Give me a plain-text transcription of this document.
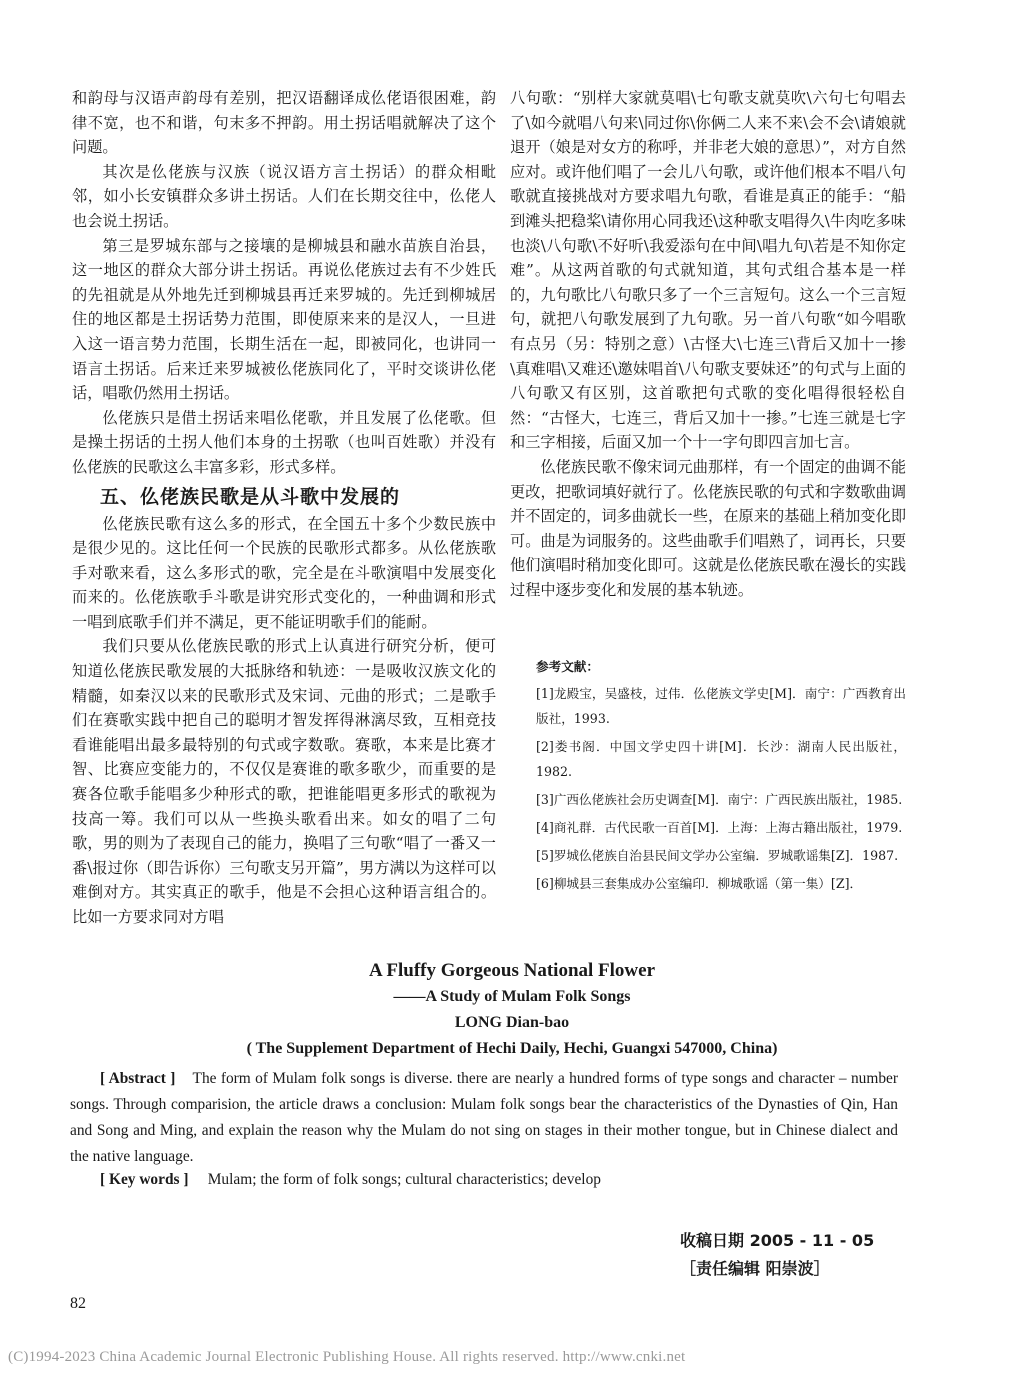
和韵母与汉语声韵母有差别，把汉语翻译成仫佬语很困难，韵律不宽，也不和谐，句末多不押韵。用土拐话唱就解决了这个问题。

其次是仫佬族与汉族（说汉语方言土拐话）的群众相毗邻，如小长安镇群众多讲土拐话。人们在长期交往中，仫佬人也会说土拐话。

第三是罗城东部与之接壤的是柳城县和融水苗族自治县，这一地区的群众大部分讲土拐话。再说仫佬族过去有不少姓氏的先祖就是从外地先迁到柳城县再迁来罗城的。先迁到柳城居住的地区都是土拐话势力范围，即使原来来的是汉人，一旦进入这一语言势力范围，长期生活在一起，即被同化，也讲同一语言土拐话。后来迁来罗城被仫佬族同化了，平时交谈讲仫佬话，唱歌仍然用土拐话。

仫佬族只是借土拐话来唱仫佬歌，并且发展了仫佬歌。但是操土拐话的土拐人他们本身的土拐歌（也叫百姓歌）并没有仫佬族的民歌这么丰富多彩，形式多样。

五、仫佬族民歌是从斗歌中发展的

仫佬族民歌有这么多的形式，在全国五十多个少数民族中是很少见的。这比任何一个民族的民歌形式都多。从仫佬族歌手对歌来看，这么多形式的歌，完全是在斗歌演唱中发展变化而来的。仫佬族歌手斗歌是讲究形式变化的，一种曲调和形式一唱到底歌手们并不满足，更不能证明歌手们的能耐。

我们只要从仫佬族民歌的形式上认真进行研究分析，便可知道仫佬族民歌发展的大抵脉络和轨迹：一是吸收汉族文化的精髓，如秦汉以来的民歌形式及宋词、元曲的形式；二是歌手们在赛歌实践中把自己的聪明才智发挥得淋漓尽致，互相竞技看谁能唱出最多最特别的句式或字数歌。赛歌，本来是比赛才智、比赛应变能力的，不仅仅是赛谁的歌多歌少，而重要的是赛各位歌手能唱多少种形式的歌，把谁能唱更多形式的歌视为技高一筹。我们可以从一些换头歌看出来。如女的唱了二句歌，男的则为了表现自己的能力，换唱了三句歌“唱了一番又一番\报过你（即告诉你）三句歌支另开篇”，男方满以为这样可以难倒对方。其实真正的歌手，他是不会担心这种语言组合的。比如一方要求同对方唱

八句歌：“别样大家就莫唱\七句歌支就莫吹\六句七句唱去了\如今就唱八句来\同过你\你俩二人来不来\会不会\请娘就退开（娘是对女方的称呼，并非老大娘的意思）”，对方自然应对。或许他们唱了一会儿八句歌，或许他们根本不唱八句歌就直接挑战对方要求唱九句歌，看谁是真正的能手：“船到滩头把稳桨\请你用心同我还\这种歌支唱得久\牛肉吃多味也淡\八句歌\不好听\我爱添句在中间\唱九句\若是不知你定难”。从这两首歌的句式就知道，其句式组合基本是一样的，九句歌比八句歌只多了一个三言短句。这么一个三言短句，就把八句歌发展到了九句歌。另一首八句歌“如今唱歌有点另（另：特别之意）\古怪大\七连三\背后又加十一掺\真难唱\又难还\邀妹唱首\八句歌支要妹还”的句式与上面的八句歌又有区别，这首歌把句式歌的变化唱得很轻松自然：“古怪大，七连三，背后又加十一掺。”七连三就是七字和三字相接，后面又加一个十一字句即四言加七言。

仫佬族民歌不像宋词元曲那样，有一个固定的曲调不能更改，把歌词填好就行了。仫佬族民歌的句式和字数歌曲调并不固定的，词多曲就长一些，在原来的基础上稍加变化即可。曲是为词服务的。这些曲歌手们唱熟了，词再长，只要他们演唱时稍加变化即可。这就是仫佬族民歌在漫长的实践过程中逐步变化和发展的基本轨迹。

参考文献：
[1]龙殿宝，吴盛枝，过伟．仫佬族文学史[M]．南宁：广西教育出版社，1993.
[2]娄书阁．中国文学史四十讲[M]．长沙：湖南人民出版社，1982.
[3]广西仫佬族社会历史调查[M]．南宁：广西民族出版社，1985.
[4]商礼群．古代民歌一百首[M]．上海：上海古籍出版社，1979.
[5]罗城仫佬族自治县民间文学办公室编．罗城歌谣集[Z]．1987.
[6]柳城县三套集成办公室编印．柳城歌谣（第一集）[Z]．
A Fluffy Gorgeous National Flower
——A Study of Mulam Folk Songs
LONG Dian-bao
( The Supplement Department of Hechi Daily, Hechi, Guangxi 547000, China)
[ Abstract ] The form of Mulam folk songs is diverse. there are nearly a hundred forms of type songs and character – number songs. Through comparision, the article draws a conclusion: Mulam folk songs bear the characteristics of the Dynasties of Qin, Han and Song and Ming, and explain the reason why the Mulam do not sing on stages in their mother tongue, but in Chinese dialect and the native language.
[ Key words ] Mulam; the form of folk songs; cultural characteristics; develop
收稿日期 2005 - 11 - 05
［责任编辑 阳崇波］
82
(C)1994-2023 China Academic Journal Electronic Publishing House. All rights reserved. http://www.cnki.net
